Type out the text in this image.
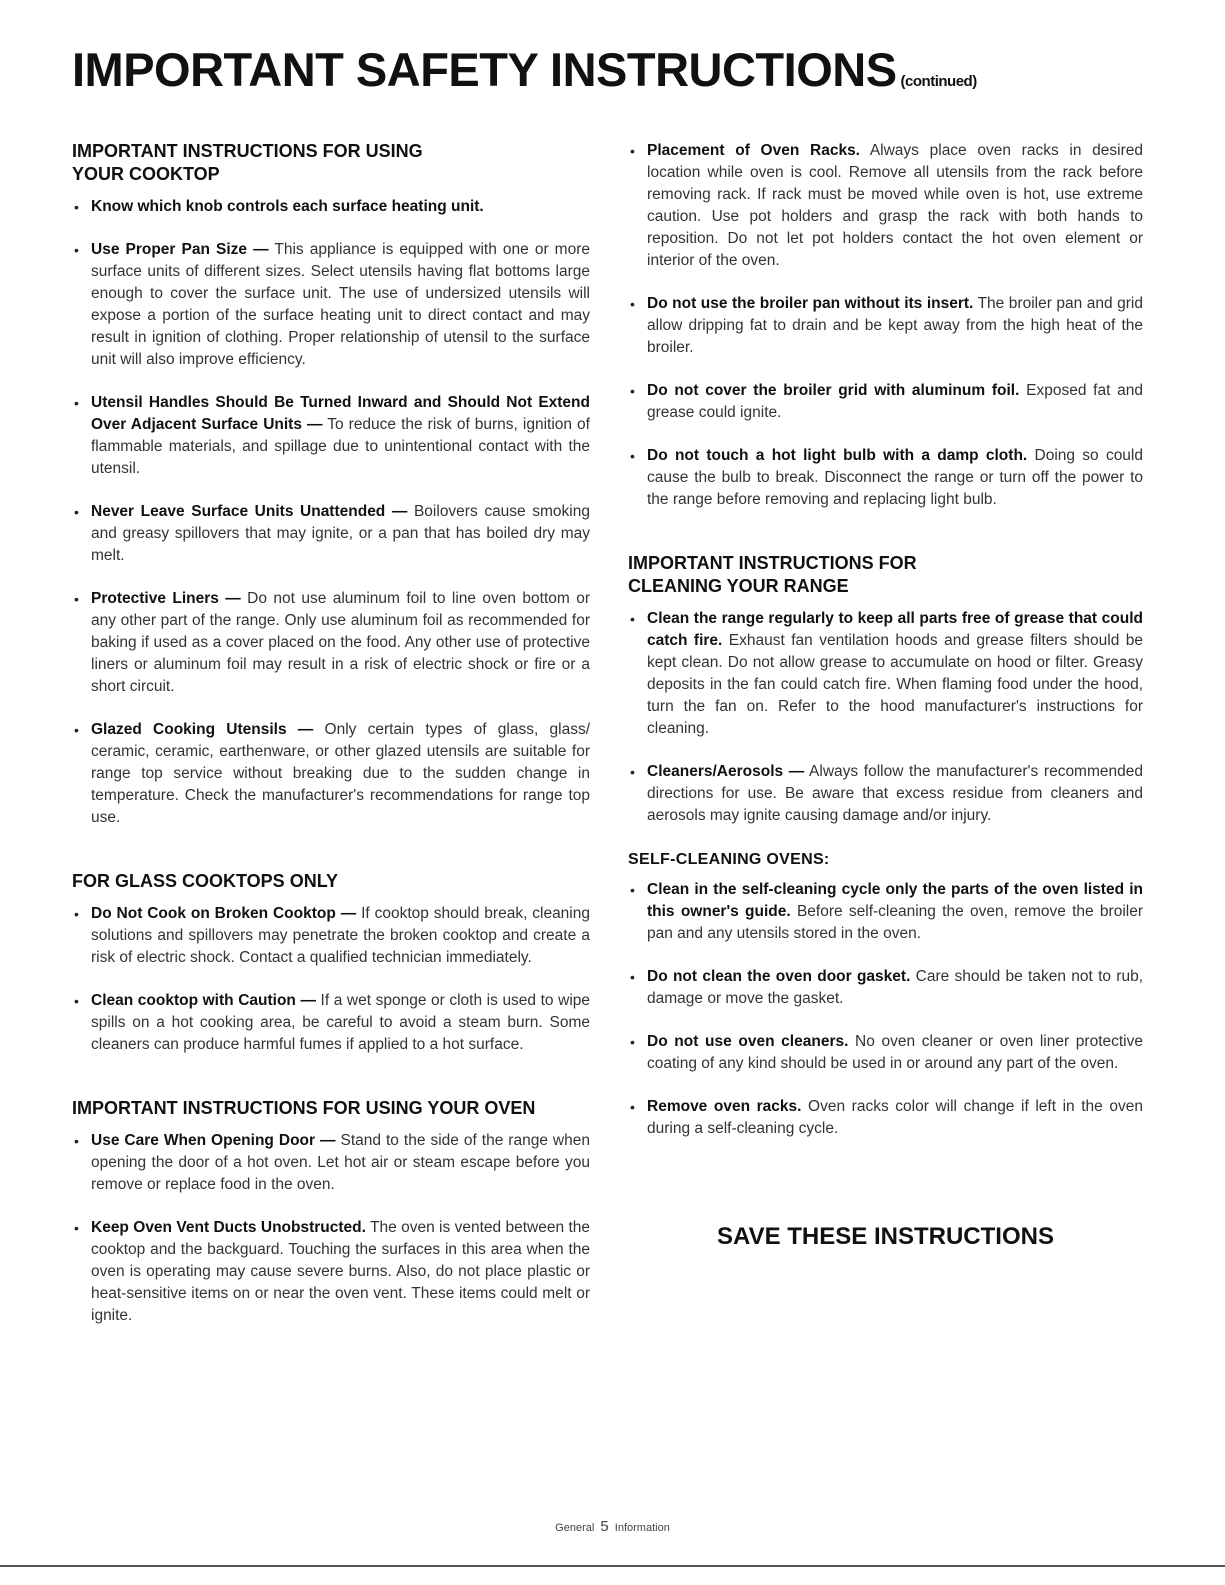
IMPORTANT SAFETY INSTRUCTIONS (continued)
IMPORTANT INSTRUCTIONS FOR USING
YOUR COOKTOP
• Know which knob controls each surface heating unit.
• Use Proper Pan Size — This appliance is equipped with one or more surface units of different sizes. Select utensils having flat bottoms large enough to cover the surface unit. The use of undersized utensils will expose a portion of the surface heating unit to direct contact and may result in ignition of clothing. Proper relationship of utensil to the surface unit will also improve efficiency.
• Utensil Handles Should Be Turned Inward and Should Not Extend Over Adjacent Surface Units — To reduce the risk of burns, ignition of flammable materials, and spillage due to unintentional contact with the utensil.
• Never Leave Surface Units Unattended — Boilovers cause smoking and greasy spillovers that may ignite, or a pan that has boiled dry may melt.
• Protective Liners — Do not use aluminum foil to line oven bottom or any other part of the range. Only use aluminum foil as recommended for baking if used as a cover placed on the food. Any other use of protective liners or aluminum foil may result in a risk of electric shock or fire or a short circuit.
• Glazed Cooking Utensils — Only certain types of glass, glass/ ceramic, ceramic, earthenware, or other glazed utensils are suitable for range top service without breaking due to the sudden change in temperature. Check the manufacturer's recommendations for range top use.
FOR GLASS COOKTOPS ONLY
• Do Not Cook on Broken Cooktop — If cooktop should break, cleaning solutions and spillovers may penetrate the broken cooktop and create a risk of electric shock. Contact a qualified technician immediately.
• Clean cooktop with Caution — If a wet sponge or cloth is used to wipe spills on a hot cooking area, be careful to avoid a steam burn. Some cleaners can produce harmful fumes if applied to a hot surface.
IMPORTANT INSTRUCTIONS FOR USING YOUR OVEN
• Use Care When Opening Door — Stand to the side of the range when opening the door of a hot oven. Let hot air or steam escape before you remove or replace food in the oven.
• Keep Oven Vent Ducts Unobstructed. The oven is vented between the cooktop and the backguard. Touching the surfaces in this area when the oven is operating may cause severe burns. Also, do not place plastic or heat-sensitive items on or near the oven vent. These items could melt or ignite.
• Placement of Oven Racks. Always place oven racks in desired location while oven is cool. Remove all utensils from the rack before removing rack. If rack must be moved while oven is hot, use extreme caution. Use pot holders and grasp the rack with both hands to reposition. Do not let pot holders contact the hot oven element or interior of the oven.
• Do not use the broiler pan without its insert. The broiler pan and grid allow dripping fat to drain and be kept away from the high heat of the broiler.
• Do not cover the broiler grid with aluminum foil. Exposed fat and grease could ignite.
• Do not touch a hot light bulb with a damp cloth. Doing so could cause the bulb to break. Disconnect the range or turn off the power to the range before removing and replacing light bulb.
IMPORTANT INSTRUCTIONS FOR
CLEANING YOUR RANGE
• Clean the range regularly to keep all parts free of grease that could catch fire. Exhaust fan ventilation hoods and grease filters should be kept clean. Do not allow grease to accumulate on hood or filter. Greasy deposits in the fan could catch fire. When flaming food under the hood, turn the fan on. Refer to the hood manufacturer's instructions for cleaning.
• Cleaners/Aerosols — Always follow the manufacturer's recommended directions for use. Be aware that excess residue from cleaners and aerosols may ignite causing damage and/or injury.
SELF-CLEANING OVENS:
• Clean in the self-cleaning cycle only the parts of the oven listed in this owner's guide. Before self-cleaning the oven, remove the broiler pan and any utensils stored in the oven.
• Do not clean the oven door gasket. Care should be taken not to rub, damage or move the gasket.
• Do not use oven cleaners. No oven cleaner or oven liner protective coating of any kind should be used in or around any part of the oven.
• Remove oven racks. Oven racks color will change if left in the oven during a self-cleaning cycle.

SAVE THESE INSTRUCTIONS

General 5 Information
